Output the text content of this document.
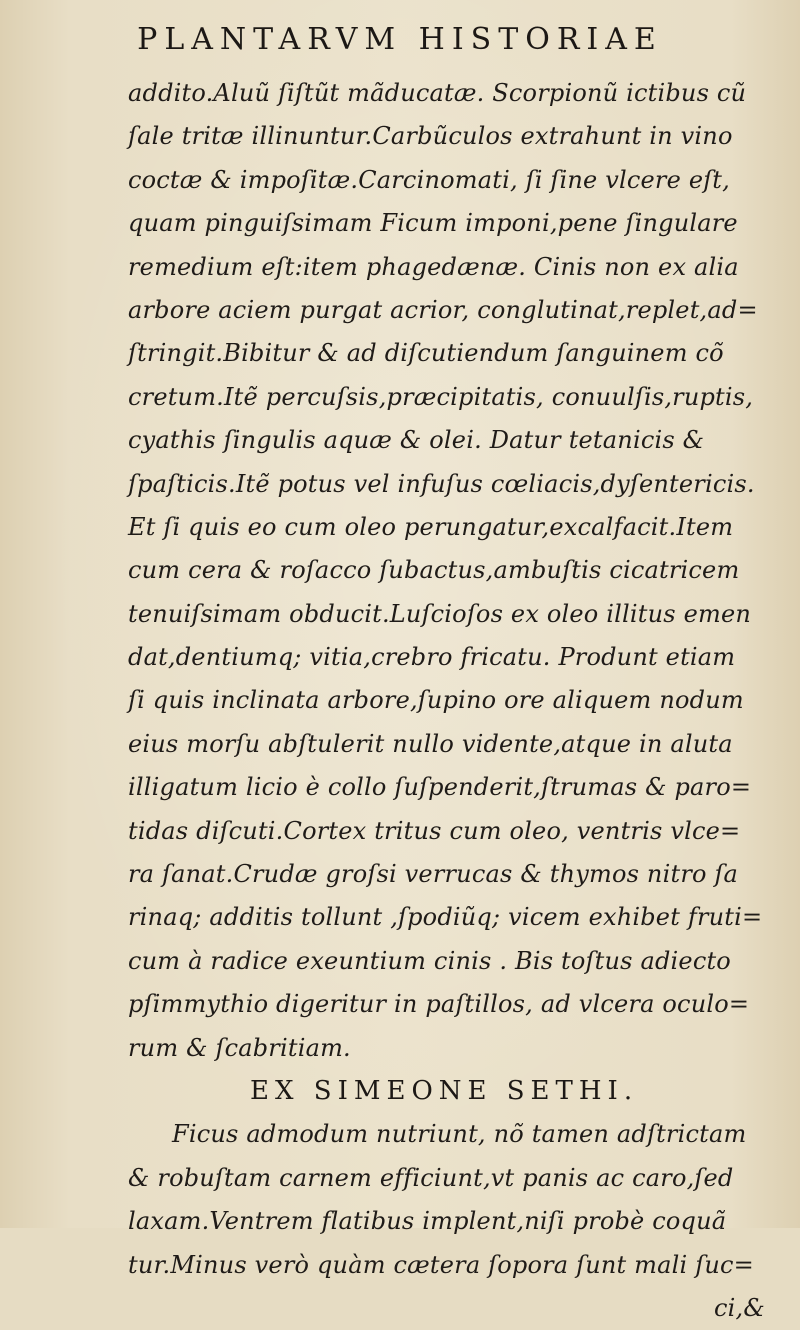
PLANTARVM HISTORIAE
addito.Aluũ ſiſtũt mãducatæ. Scorpionũ ictibus cũ
ſale tritæ illinuntur.Carbũculos extrahunt in vino
coctæ & impoſitæ.Carcinomati, ſi ſine vlcere eſt,
quam pinguiſsimam Ficum imponi,pene ſingulare
remedium eſt:item phagedænæ. Cinis non ex alia
arbore aciem purgat acrior, conglutinat,replet,ad=
ſtringit.Bibitur & ad diſcutiendum ſanguinem cõ
cretum.Itẽ percuſsis,præcipitatis, conuulſis,ruptis,
cyathis ſingulis aquæ & olei. Datur tetanicis &
ſpaſticis.Itẽ potus vel infuſus cœliacis,dyſentericis.
Et ſi quis eo cum oleo perungatur,excalfacit.Item
cum cera & roſacco ſubactus,ambuſtis cicatricem
tenuiſsimam obducit.Luſcioſos ex oleo illitus emen
dat,dentiumq; vitia,crebro fricatu. Produnt etiam
ſi quis inclinata arbore,ſupino ore aliquem nodum
eius morſu abſtulerit nullo vidente,atque in aluta
illigatum licio è collo ſuſpenderit,ſtrumas & paro=
tidas diſcuti.Cortex tritus cum oleo, ventris vlce=
ra ſanat.Crudæ groſsi verrucas & thymos nitro ſa
rinaq; additis tollunt ,ſpodiũq; vicem exhibet fruti=
cum à radice exeuntium cinis . Bis toſtus adiecto
pſimmythio digeritur in paſtillos, ad vlcera oculo=
rum & ſcabritiam.
EX SIMEONE SETHI.
Ficus admodum nutriunt, nõ tamen adſtrictam
& robuſtam carnem efficiunt,vt panis ac caro,ſed
laxam.Ventrem flatibus implent,niſi probè coquã
tur.Minus verò quàm cætera ſopora ſunt mali ſuc=
ci,&
